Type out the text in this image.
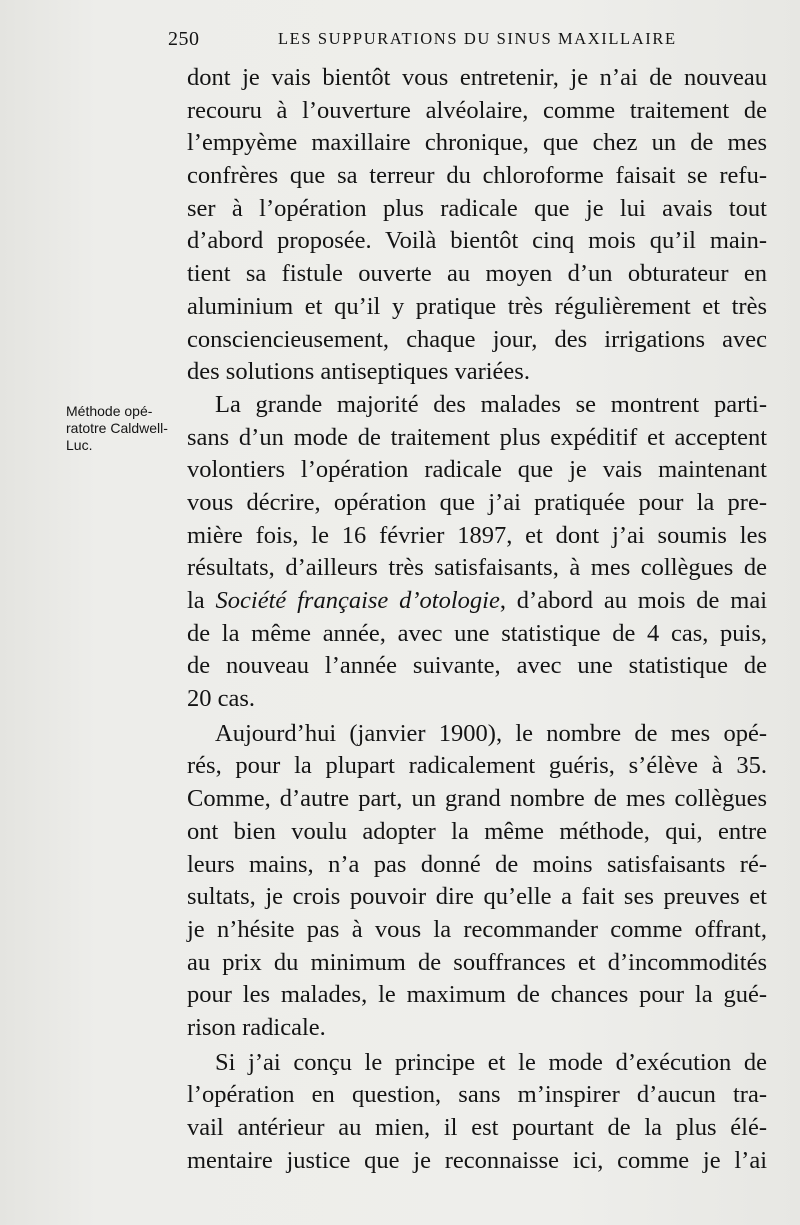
250	LES SUPPURATIONS DU SINUS MAXILLAIRE
Méthode opé-
ratotre Caldwell-
Luc.
dont je vais bientôt vous entretenir, je n’ai de nouveau
recouru à l’ouverture alvéolaire, comme traitement de
l’empyème maxillaire chronique, que chez un de mes
confrères que sa terreur du chloroforme faisait se refu-
ser à l’opération plus radicale que je lui avais tout
d’abord proposée. Voilà bientôt cinq mois qu’il main-
tient sa fistule ouverte au moyen d’un obturateur en
aluminium et qu’il y pratique très régulièrement et très
consciencieusement, chaque jour, des irrigations avec
des solutions antiseptiques variées.
La grande majorité des malades se montrent parti-
sans d’un mode de traitement plus expéditif et acceptent
volontiers l’opération radicale que je vais maintenant
vous décrire, opération que j’ai pratiquée pour la pre-
mière fois, le 16 février 1897, et dont j’ai soumis les
résultats, d’ailleurs très satisfaisants, à mes collègues de
la Société française d’otologie, d’abord au mois de mai
de la même année, avec une statistique de 4 cas, puis,
de nouveau l’année suivante, avec une statistique de
20 cas.
Aujourd’hui (janvier 1900), le nombre de mes opé-
rés, pour la plupart radicalement guéris, s’élève à 35.
Comme, d’autre part, un grand nombre de mes collègues
ont bien voulu adopter la même méthode, qui, entre
leurs mains, n’a pas donné de moins satisfaisants ré-
sultats, je crois pouvoir dire qu’elle a fait ses preuves et
je n’hésite pas à vous la recommander comme offrant,
au prix du minimum de souffrances et d’incommodités
pour les malades, le maximum de chances pour la gué-
rison radicale.
Si j’ai conçu le principe et le mode d’exécution de
l’opération en question, sans m’inspirer d’aucun tra-
vail antérieur au mien, il est pourtant de la plus élé-
mentaire justice que je reconnaisse ici, comme je l’ai
